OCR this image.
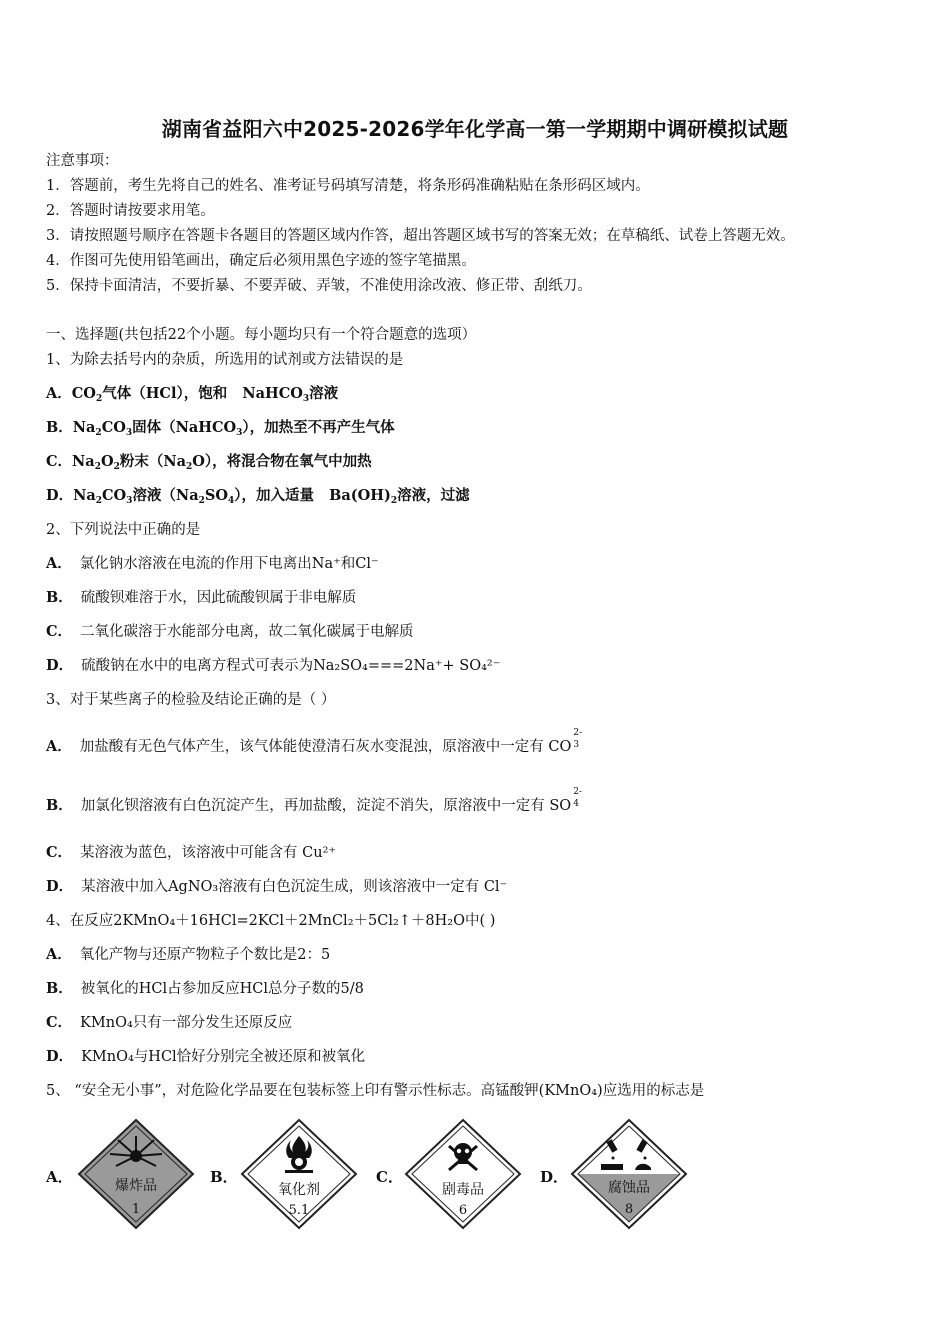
湖南省益阳六中2025-2026学年化学高一第一学期期中调研模拟试题
注意事项：
1．答题前，考生先将自己的姓名、准考证号码填写清楚，将条形码准确粘贴在条形码区域内。
2．答题时请按要求用笔。
3．请按照题号顺序在答题卡各题目的答题区域内作答，超出答题区域书写的答案无效；在草稿纸、试卷上答题无效。
4．作图可先使用铅笔画出，确定后必须用黑色字迹的签字笔描黑。
5．保持卡面清洁，不要折暴、不要弄破、弄皱，不准使用涂改液、修正带、刮纸刀。
一、选择题(共包括22个小题。每小题均只有一个符合题意的选项）
1、为除去括号内的杂质，所选用的试剂或方法错误的是
A．$CO_2$气体（HCl），饱和   NaHCO$_3$溶液
B．$Na_2CO_3$固体（NaHCO$_3$），加热至不再产生气体
C．$Na_2O_2$粉末$(Na_2O)$，将混合物在氧气中加热
D．$Na_2CO_3$溶液$(Na_2SO_4)$，加入适量   $Ba(OH)_2$溶液，过滤
2、下列说法中正确的是
A． 氯化钠水溶液在电流的作用下电离出Na⁺和Cl⁻
B． 硫酸钡难溶于水，因此硫酸钡属于非电解质
C． 二氧化碳溶于水能部分电离，故二氧化碳属于电解质
D． 硫酸钠在水中的电离方程式可表示为Na₂SO₄===2Na⁺+ SO₄²⁻
3、对于某些离子的检验及结论正确的是（ ）
A． 加盐酸有无色气体产生，该气体能使澄清石灰水变混浊，原溶液中一定有 CO
2-
3
B． 加氯化钡溶液有白色沉淀产生，再加盐酸，淀淀不消失，原溶液中一定有 SO
2-
4
C． 某溶液为蓝色，该溶液中可能含有 Cu²⁺
D． 某溶液中加入AgNO₃溶液有白色沉淀生成，则该溶液中一定有 Cl⁻
4、在反应2KMnO₄＋16HCl=2KCl＋2MnCl₂＋5Cl₂↑＋8H₂O中( )
A． 氧化产物与还原产物粒子个数比是2：5
B． 被氧化的HCl占参加反应HCl总分子数的5/8
C． KMnO₄只有一部分发生还原反应
D． KMnO₄与HCl恰好分别完全被还原和被氧化
5、 “安全无小事”，对危险化学品要在包装标签上印有警示性标志。高锰酸钾(KMnO₄)应选用的标志是
A．	爆炸品
1
B．
氧化剂
5.1
C．
剧毒品
6
D．
腐蚀品
8
